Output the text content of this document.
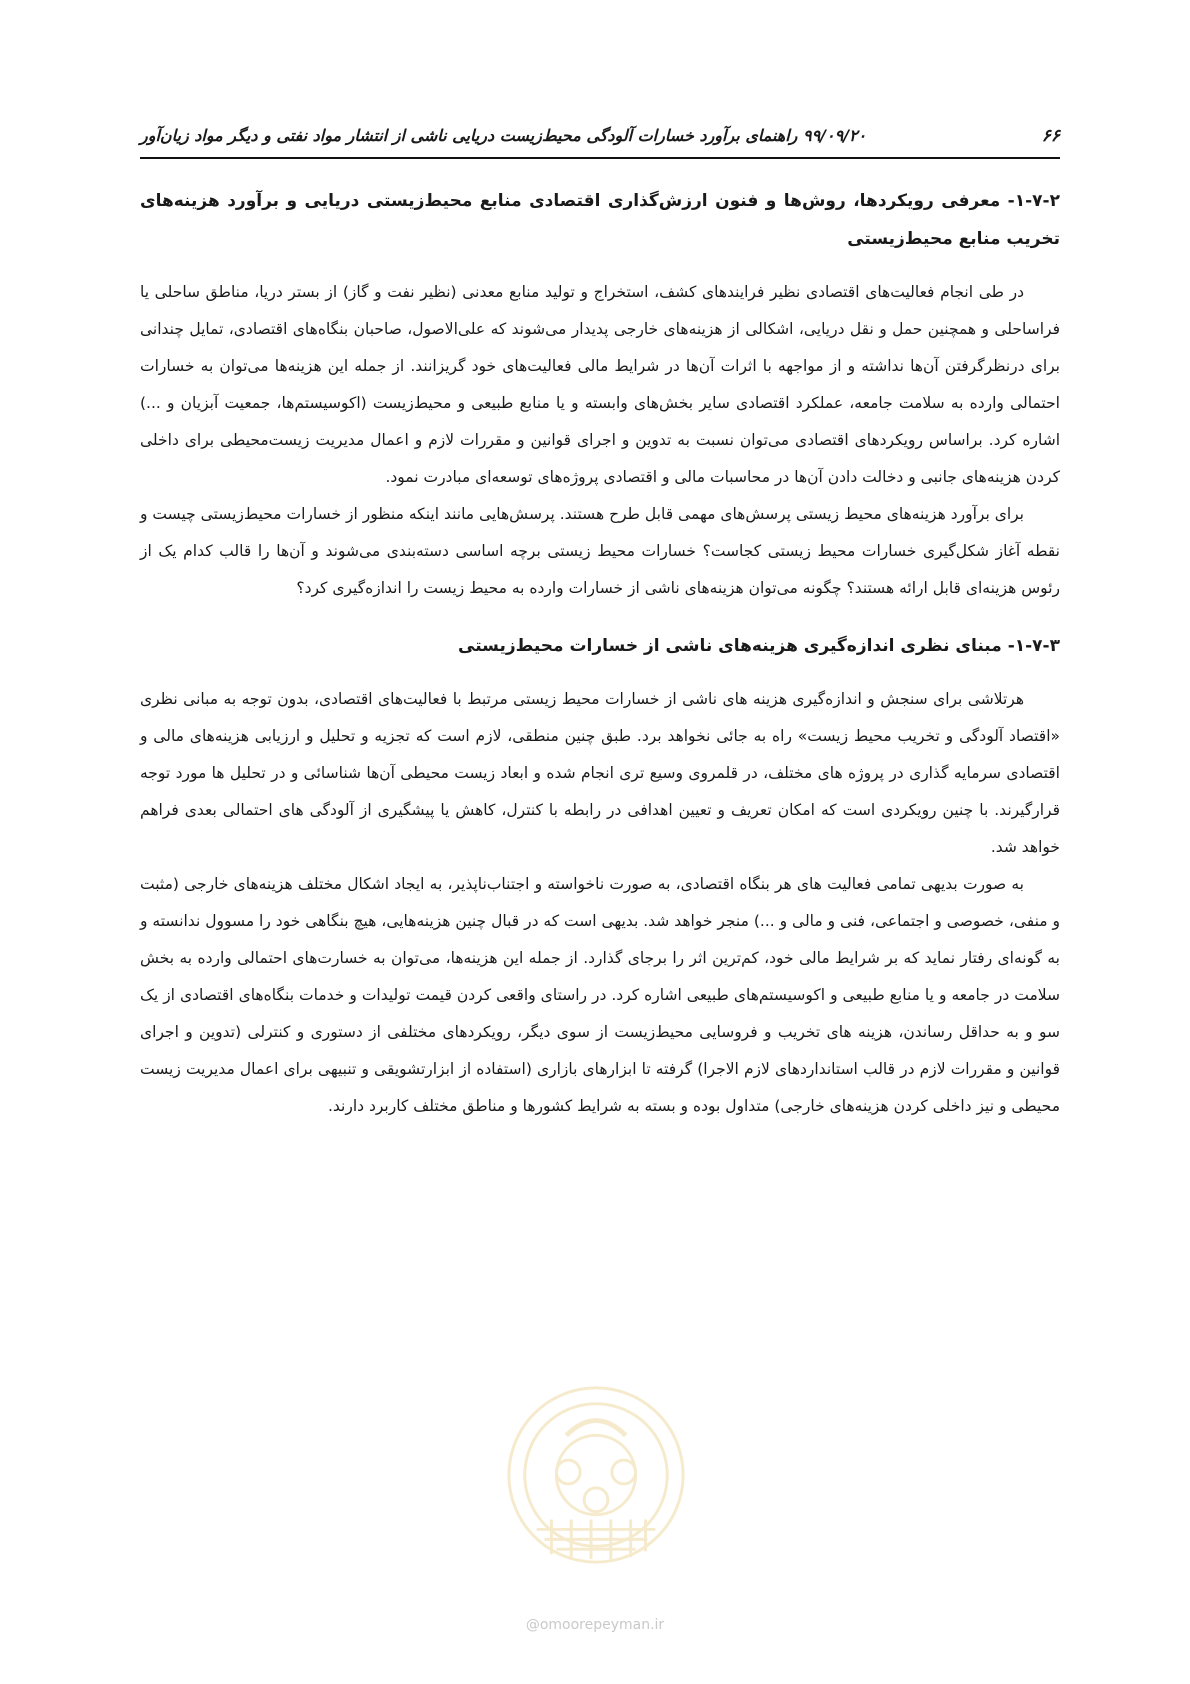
۶۶
۹۹/۰۹/۲۰ راهنمای برآورد خسارات آلودگی محیط‌زیست دریایی ناشی از انتشار مواد نفتی و دیگر مواد زیان‌آور
۱-۷-۲- معرفی رویکردها، روش‌ها و فنون ارزش‌گذاری اقتصادی منابع محیط‌زیستی دریایی و برآورد هزینه‌های تخریب منابع محیط‌زیستی

در طی انجام فعالیت‌های اقتصادی نظیر فرایندهای کشف، استخراج و تولید منابع معدنی (نظیر نفت و گاز) از بستر دریا، مناطق ساحلی یا فراساحلی و همچنین حمل و نقل دریایی، اشکالی از هزینه‌های خارجی پدیدار می‌شوند که علی‌الاصول، صاحبان بنگاه‌های اقتصادی، تمایل چندانی برای درنظرگرفتن آن‌ها نداشته و از مواجهه با اثرات آن‌ها در شرایط مالی فعالیت‌های خود گریزانند. از جمله این هزینه‌ها می‌توان به خسارات احتمالی وارده به سلامت جامعه، عملکرد اقتصادی سایر بخش‌های وابسته و یا منابع طبیعی و محیط‌زیست (اکوسیستم‌ها، جمعیت آبزیان و ...) اشاره کرد. براساس رویکردهای اقتصادی می‌توان نسبت به تدوین و اجرای قوانین و مقررات لازم و اعمال مدیریت زیست‌محیطی برای داخلی کردن هزینه‌های جانبی و دخالت دادن آن‌ها در محاسبات مالی و اقتصادی پروژه‌های توسعه‌ای مبادرت نمود.

برای برآورد هزینه‌های محیط زیستی پرسش‌های مهمی قابل طرح هستند. پرسش‌هایی مانند اینکه منظور از خسارات محیط‌زیستی چیست و نقطه آغاز شکل‌گیری خسارات محیط زیستی کجاست؟ خسارات محیط زیستی برچه اساسی دسته‌بندی می‌شوند و آن‌ها را قالب کدام یک از رئوس هزینه‌ای قابل ارائه هستند؟ چگونه می‌توان هزینه‌های ناشی از خسارات وارده به محیط زیست را اندازه‌گیری کرد؟

۱-۷-۳- مبنای نظری اندازه‌گیری هزینه‌های ناشی از خسارات محیط‌زیستی

هرتلاشی برای سنجش و اندازه‌گیری هزینه های ناشی از خسارات محیط زیستی مرتبط با فعالیت‌های اقتصادی، بدون توجه به مبانی نظری «اقتصاد آلودگی و تخریب محیط زیست» راه به جائی نخواهد برد. طبق چنین منطقی، لازم است که تجزیه و تحلیل و ارزیابی هزینه‌های مالی و اقتصادی سرمایه گذاری در پروژه های مختلف، در قلمروی وسیع تری انجام شده و ابعاد زیست محیطی آن‌ها شناسائی و در تحلیل ها مورد توجه قرارگیرند. با چنین رویکردی است که امکان تعریف و تعیین اهدافی در رابطه با کنترل، کاهش یا پیشگیری از آلودگی های احتمالی بعدی فراهم خواهد شد.

به صورت بدیهی تمامی فعالیت های هر بنگاه اقتصادی، به صورت ناخواسته و اجتناب‌ناپذیر، به ایجاد اشکال مختلف هزینه‌های خارجی (مثبت و منفی، خصوصی و اجتماعی، فنی و مالی و ...) منجر خواهد شد. بدیهی است که در قبال چنین هزینه‌هایی، هیچ بنگاهی خود را مسوول ندانسته و به گونه‌ای رفتار نماید که بر شرایط مالی خود، کم‌ترین اثر را برجای گذارد. از جمله این هزینه‌ها، می‌توان به خسارت‌های احتمالی وارده به بخش سلامت در جامعه و یا منابع طبیعی و اکوسیستم‌های طبیعی اشاره کرد. در راستای واقعی کردن قیمت تولیدات و خدمات بنگاه‌های اقتصادی از یک سو و به حداقل رساندن، هزینه های تخریب و فروسایی محیط‌زیست از سوی دیگر، رویکردهای مختلفی از دستوری و کنترلی (تدوین و اجرای قوانین و مقررات لازم در قالب استانداردهای لازم الاجرا) گرفته تا ابزارهای بازاری (استفاده از ابزارتشویقی و تنبیهی برای اعمال مدیریت زیست محیطی و نیز داخلی کردن هزینه‌های خارجی) متداول بوده و بسته به شرایط کشورها و مناطق مختلف کاربرد دارند.

@omoorepeyman.ir
